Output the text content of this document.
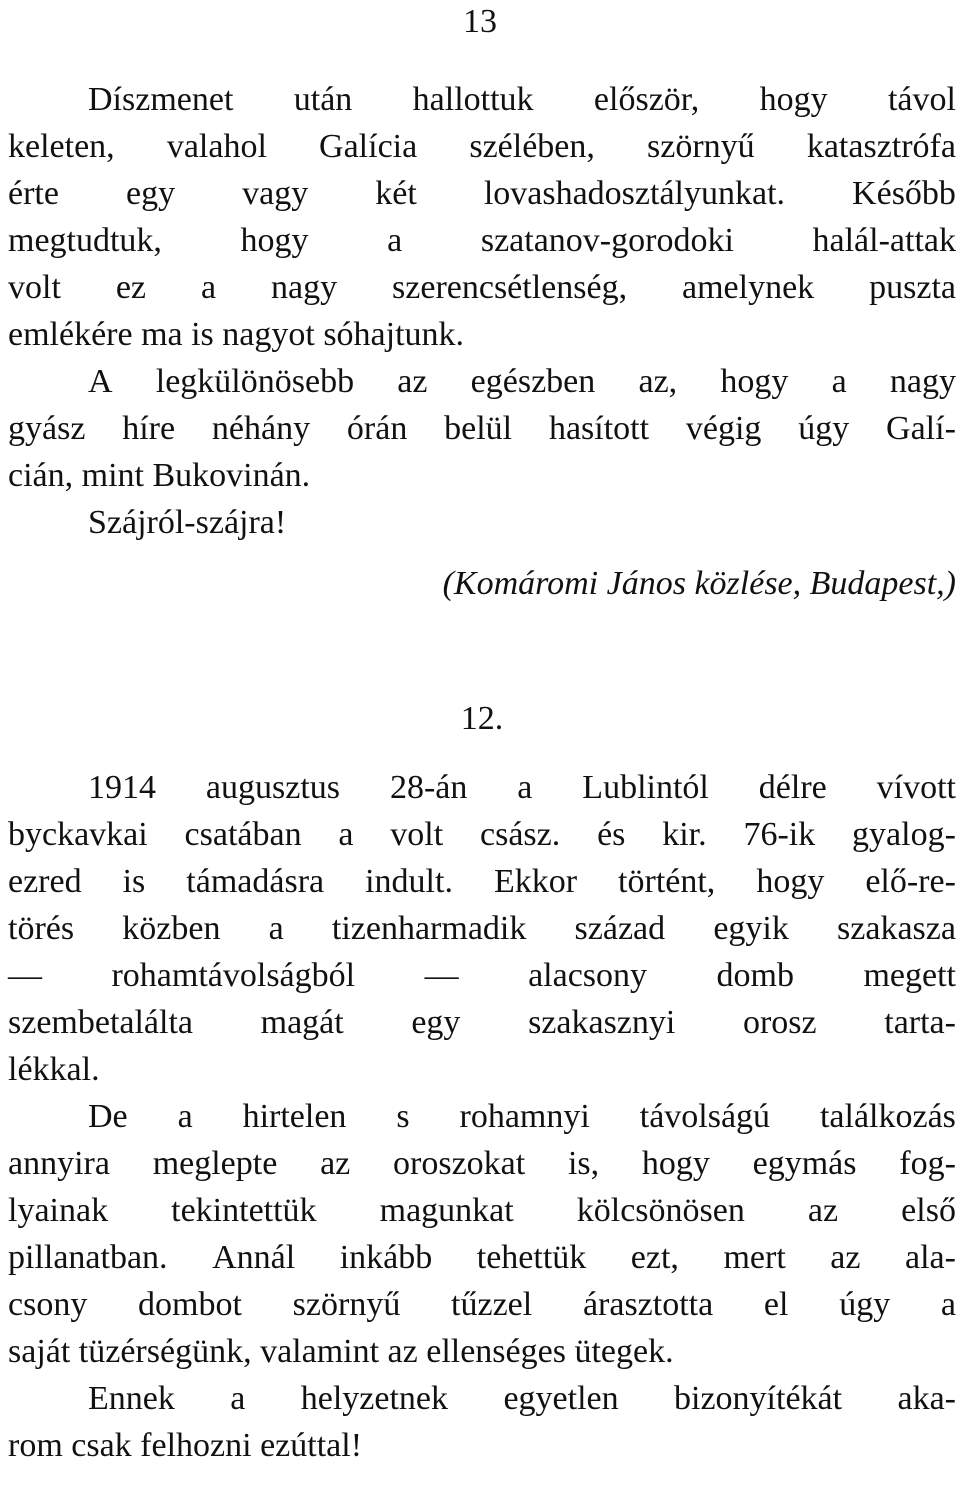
13
Díszmenet után hallottuk először, hogy távol
keleten, valahol Galícia szélében, szörnyű katasztrófa
érte egy vagy két lovashadosztályunkat. Később
megtudtuk, hogy a szatanov-gorodoki halál-attak
volt ez a nagy szerencsétlenség, amelynek puszta
emlékére ma is nagyot sóhajtunk.
A legkülönösebb az egészben az, hogy a nagy
gyász híre néhány órán belül hasított végig úgy Galí-
cián, mint Bukovinán.
Szájról-szájra!
(Komáromi János közlése, Budapest,)
12.
1914 augusztus 28-án a Lublintól délre vívott
byckavkai csatában a volt csász. és kir. 76-ik gyalog-
ezred is támadásra indult. Ekkor történt, hogy elő-re-
törés közben a tizenharmadik század egyik szakasza
— rohamtávolságból — alacsony domb megett
szembetalálta magát egy szakasznyi orosz tarta-
lékkal.
De a hirtelen s rohamnyi távolságú találkozás
annyira meglepte az oroszokat is, hogy egymás fog-
lyainak tekintettük magunkat kölcsönösen az első
pillanatban. Annál inkább tehettük ezt, mert az ala-
csony dombot szörnyű tűzzel árasztotta el úgy a
saját tüzérségünk, valamint az ellenséges ütegek.
Ennek a helyzetnek egyetlen bizonyítékát aka-
rom csak felhozni ezúttal!
